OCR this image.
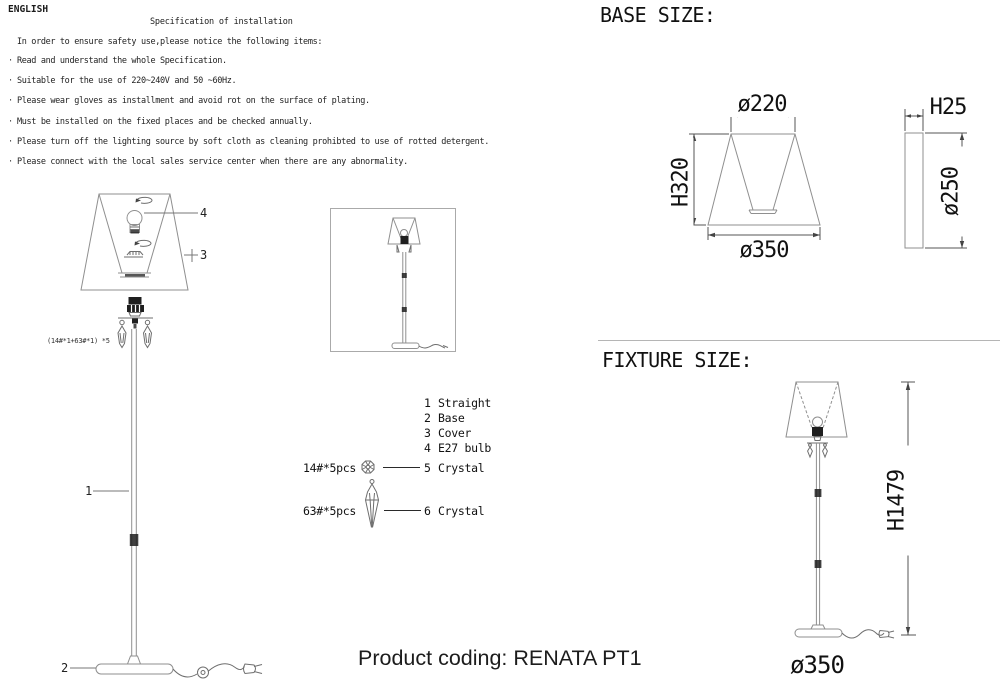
ENGLISH
Specification of installation
In order to ensure safety use,please notice the following items:
· Read and understand the whole Specification.
· Suitable for the use of 220~240V and 50 ~60Hz.
· Please wear gloves as installment and avoid rot on the surface of plating.
· Must be installed on the fixed places and be checked annually.
· Please turn off the lighting source by soft cloth as cleaning prohibted to use of rotted detergent.
· Please connect with the local sales service center when there are any abnormality.
4
3
1
2
(14#*1+63#*1) *5
1 Straight
2 Base
3 Cover
4 E27 bulb
5 Crystal
6 Crystal
14#*5pcs
63#*5pcs
BASE SIZE:
ø220
H320
ø350
H25
ø250
FIXTURE SIZE:
H1479
ø350
Product coding: RENATA PT1
